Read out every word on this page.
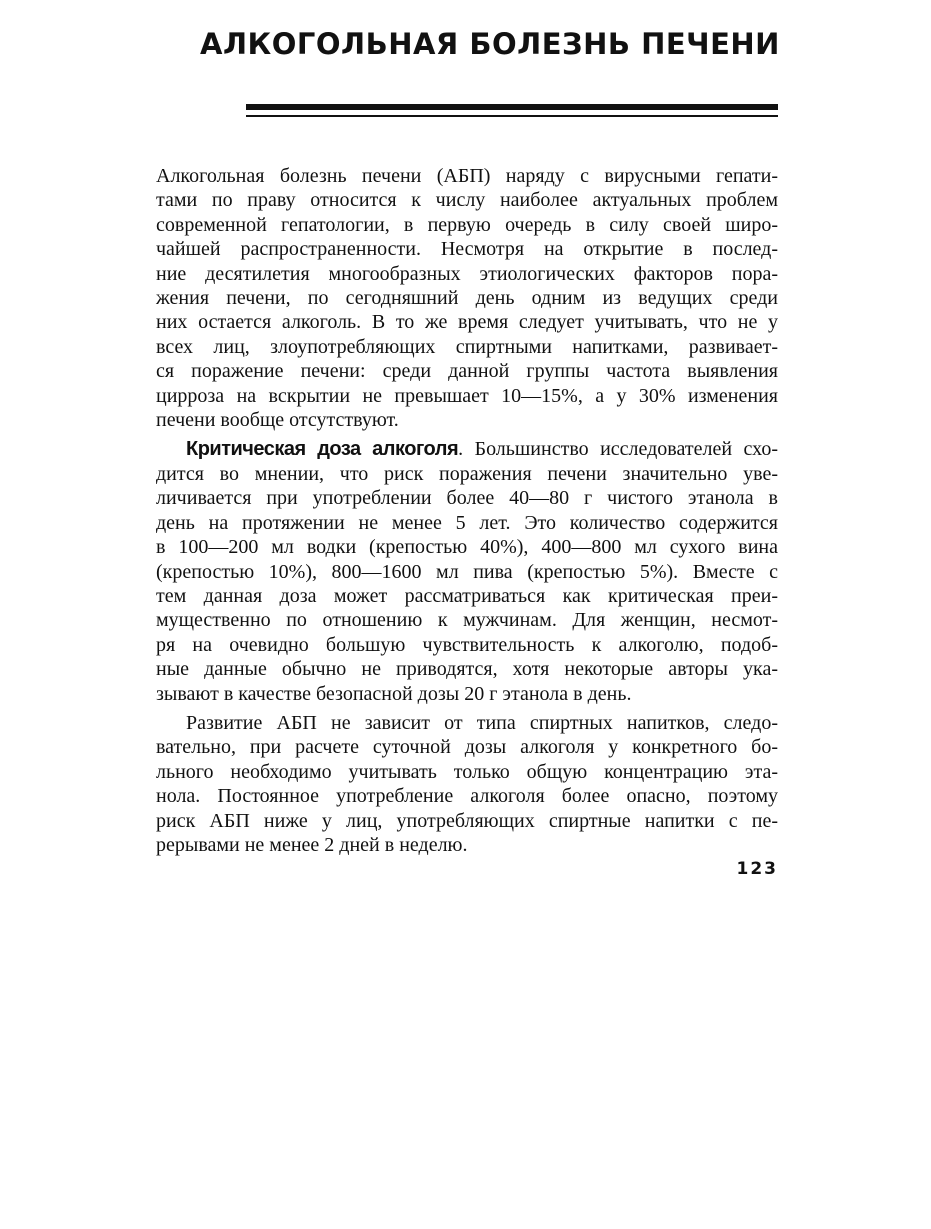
АЛКОГОЛЬНАЯ БОЛЕЗНЬ ПЕЧЕНИ
Алкогольная болезнь печени (АБП) наряду с вирусными гепати-
тами по праву относится к числу наиболее актуальных проблем
современной гепатологии, в первую очередь в силу своей широ-
чайшей распространенности. Несмотря на открытие в послед-
ние десятилетия многообразных этиологических факторов пора-
жения печени, по сегодняшний день одним из ведущих среди
них остается алкоголь. В то же время следует учитывать, что не у
всех лиц, злоупотребляющих спиртными напитками, развивает-
ся поражение печени: среди данной группы частота выявления
цирроза на вскрытии не превышает 10—15%, а у 30% изменения
печени вообще отсутствуют.
Критическая доза алкоголя. Большинство исследователей схо-
дится во мнении, что риск поражения печени значительно уве-
личивается при употреблении более 40—80 г чистого этанола в
день на протяжении не менее 5 лет. Это количество содержится
в 100—200 мл водки (крепостью 40%), 400—800 мл сухого вина
(крепостью 10%), 800—1600 мл пива (крепостью 5%). Вместе с
тем данная доза может рассматриваться как критическая преи-
мущественно по отношению к мужчинам. Для женщин, несмот-
ря на очевидно большую чувствительность к алкоголю, подоб-
ные данные обычно не приводятся, хотя некоторые авторы ука-
зывают в качестве безопасной дозы 20 г этанола в день.
Развитие АБП не зависит от типа спиртных напитков, следо-
вательно, при расчете суточной дозы алкоголя у конкретного бо-
льного необходимо учитывать только общую концентрацию эта-
нола. Постоянное употребление алкоголя более опасно, поэтому
риск АБП ниже у лиц, употребляющих спиртные напитки с пе-
рерывами не менее 2 дней в неделю.
123
